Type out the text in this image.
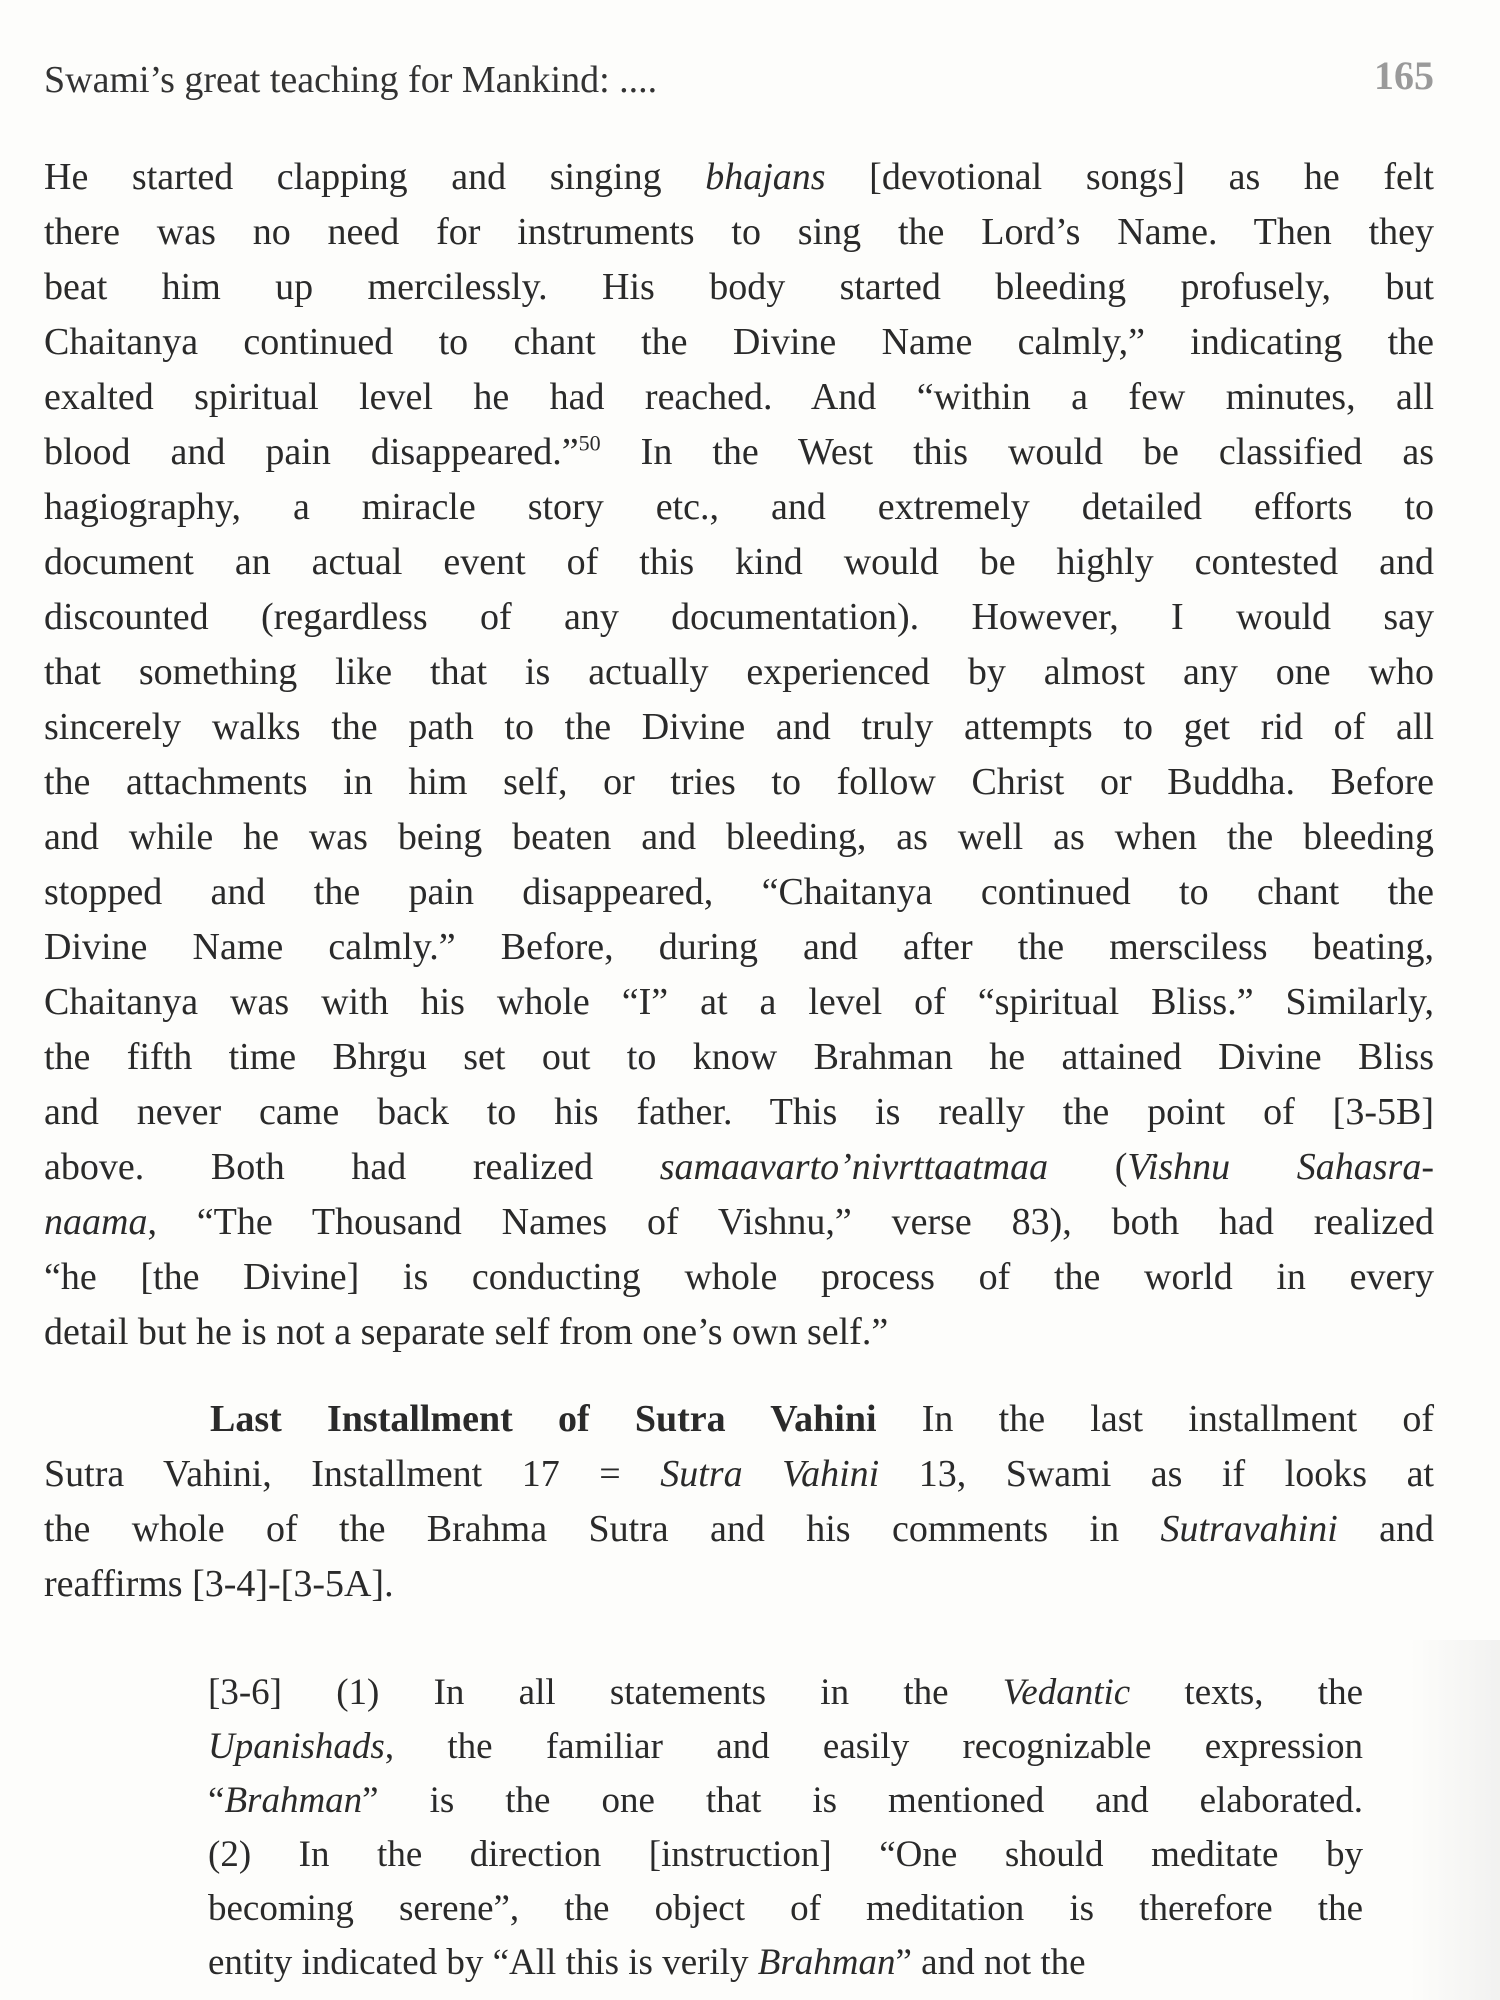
Swami’s great teaching for Mankind: ....	165

He started clapping and singing bhajans [devotional songs] as he felt
there was no need for instruments to sing the Lord’s Name. Then they
beat him up mercilessly. His body started bleeding profusely, but
Chaitanya continued to chant the Divine Name calmly,” indicating the
exalted spiritual level he had reached. And “within a few minutes, all
blood and pain disappeared.”$^{50}$ In the West this would be classified as
hagiography, a miracle story etc., and extremely detailed efforts to
document an actual event of this kind would be highly contested and
discounted (regardless of any documentation). However, I would say
that something like that is actually experienced by almost any one who
sincerely walks the path to the Divine and truly attempts to get rid of all
the attachments in him self, or tries to follow Christ or Buddha. Before
and while he was being beaten and bleeding, as well as when the bleeding
stopped and the pain disappeared, “Chaitanya continued to chant the
Divine Name calmly.” Before, during and after the mersciless beating,
Chaitanya was with his whole “I” at a level of “spiritual Bliss.” Similarly,
the fifth time Bhrgu set out to know Brahman he attained Divine Bliss
and never came back to his father. This is really the point of [3-5B]
above. Both had realized samaavarto’nivrttaatmaa (Vishnu Sahasra-
naama, “The Thousand Names of Vishnu,” verse 83), both had realized
“he [the Divine] is conducting whole process of the world in every
detail but he is not a separate self from one’s own self.”

Last Installment of Sutra Vahini In the last installment of
Sutra Vahini, Installment 17 = Sutra Vahini 13, Swami as if looks at
the whole of the Brahma Sutra and his comments in Sutravahini and
reaffirms [3-4]-[3-5A].

[3-6] (1) In all statements in the Vedantic texts, the
Upanishads, the familiar and easily recognizable expression
“Brahman” is the one that is mentioned and elaborated.
(2) In the direction [instruction] “One should meditate by
becoming serene”, the object of meditation is therefore the
entity indicated by “All this is verily Brahman” and not the
